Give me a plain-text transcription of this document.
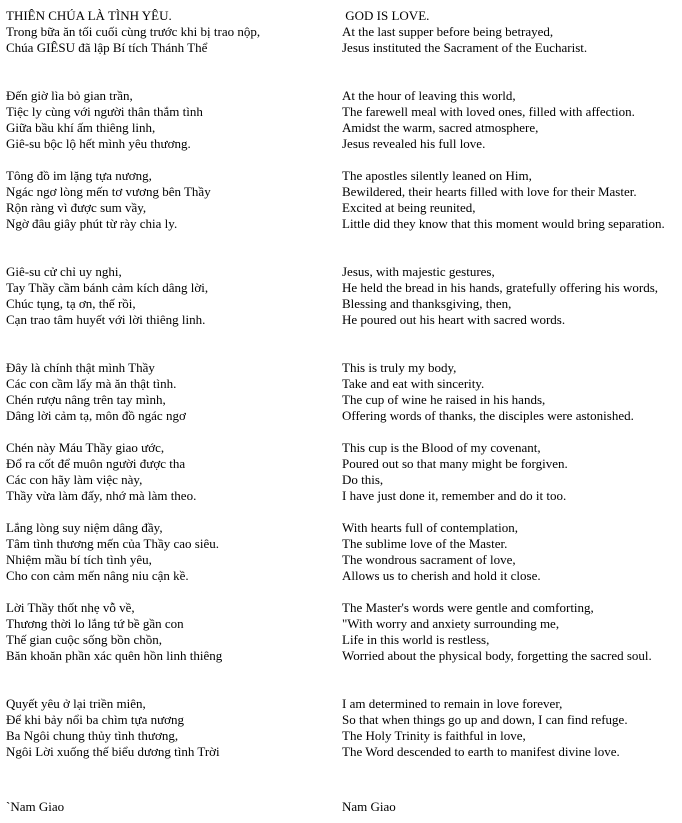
THIÊN CHÚA LÀ TÌNH YÊU.
Trong bữa ăn tối cuối cùng trước khi bị trao nộp,
Chúa GIÊSU đã lập Bí tích Thánh Thể
Đến giờ lìa bỏ gian trần,
Tiệc ly cùng với người thân thắm tình
Giữa bầu khí ấm thiêng linh,
Giê-su bộc lộ hết mình yêu thương.
Tông đồ im lặng tựa nương,
Ngác ngơ lòng mến tơ vương bên Thầy
Rộn ràng vì được sum vầy,
Ngờ đâu giây phút từ rày chia ly.
Giê-su cử chỉ uy nghi,
Tay Thầy cầm bánh cảm kích dâng lời,
Chúc tụng, tạ ơn, thế rồi,
Cạn trao tâm huyết với lời thiêng linh.
Đây là chính thật mình Thầy
Các con cầm lấy mà ăn thật tình.
Chén rượu nâng trên tay mình,
Dâng lời cảm tạ, môn đồ ngác ngơ
Chén này Máu Thầy giao ước,
Đổ ra cốt để muôn người được tha
Các con hãy làm việc này,
Thầy vừa làm đấy, nhớ mà làm theo.
Lắng lòng suy niệm dâng đầy,
Tâm tình thương mến của Thầy cao siêu.
Nhiệm mầu bí tích tình yêu,
Cho con cảm mến nâng niu cận kề.
Lời Thầy thốt nhẹ vỗ về,
Thương thời lo lắng tứ bề gần con
Thế gian cuộc sống bồn chồn,
Băn khoăn phần xác quên hồn linh thiêng
Quyết yêu ở lại triền miên,
Để khi bảy nổi ba chìm tựa nương
Ba Ngôi chung thủy tình thương,
Ngôi Lời xuống thế biểu dương tình Trời
GOD IS LOVE.
At the last supper before being betrayed,
Jesus instituted the Sacrament of the Eucharist.
At the hour of leaving this world,
The farewell meal with loved ones, filled with affection.
Amidst the warm, sacred atmosphere,
Jesus revealed his full love.
The apostles silently leaned on Him,
Bewildered, their hearts filled with love for their Master.
Excited at being reunited,
Little did they know that this moment would bring separation.
Jesus, with majestic gestures,
He held the bread in his hands, gratefully offering his words,
Blessing and thanksgiving, then,
He poured out his heart with sacred words.
This is truly my body,
Take and eat with sincerity.
The cup of wine he raised in his hands,
Offering words of thanks, the disciples were astonished.
This cup is the Blood of my covenant,
Poured out so that many might be forgiven.
Do this,
I have just done it, remember and do it too.
With hearts full of contemplation,
The sublime love of the Master.
The wondrous sacrament of love,
Allows us to cherish and hold it close.
The Master's words were gentle and comforting,
"With worry and anxiety surrounding me,
Life in this world is restless,
Worried about the physical body, forgetting the sacred soul.
I am determined to remain in love forever,
So that when things go up and down, I can find refuge.
The Holy Trinity is faithful in love,
The Word descended to earth to manifest divine love.
`Nam Giao	Nam Giao
